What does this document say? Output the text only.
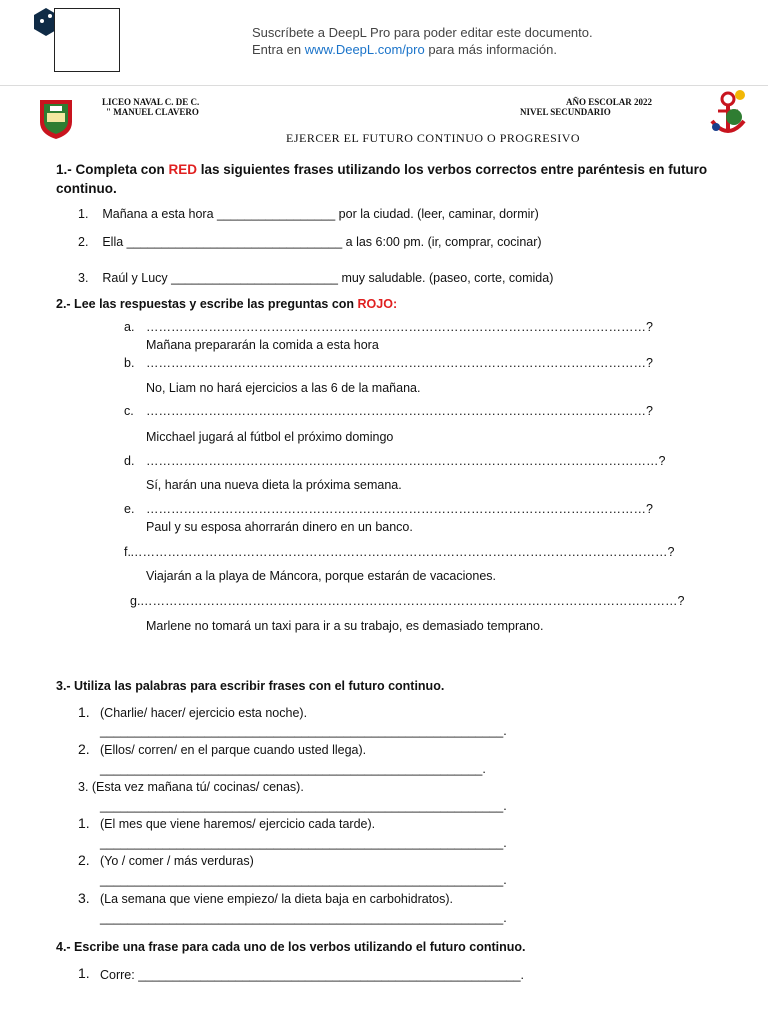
Suscríbete a DeepL Pro para poder editar este documento.
Entra en www.DeepL.com/pro para más información.
LICEO NAVAL C. DE C.
" MANUEL CLAVERO
AÑO ESCOLAR 2022
NIVEL SECUNDARIO
EJERCER EL FUTURO CONTINUO O PROGRESIVO
1.- Completa con RED las siguientes frases utilizando los verbos correctos entre paréntesis en futuro
continuo.
1. Mañana a esta hora _________________ por la ciudad. (leer, caminar, dormir)
2. Ella _______________________________ a las 6:00 pm. (ir, comprar, cocinar)
3. Raúl y Lucy ________________________ muy saludable. (paseo, corte, comida)
2.- Lee las respuestas y escribe las preguntas con ROJO:
a. …………………………………………………………………………………………………………?
Mañana prepararán la comida a esta hora
b. …………………………………………………………………………………………………………?
No, Liam no hará ejercicios a las 6 de la mañana.
c. …………………………………………………………………………………………………………?
Micchael jugará al fútbol el próximo domingo
d. ……………………………………………………………………………………………………………?
Sí, harán una nueva dieta la próxima semana.
e. …………………………………………………………………………………………………………?
Paul y su esposa ahorrarán dinero en un banco.
f. …………………………………………………………………………………………………………………?
Viajarán a la playa de Máncora, porque estarán de vacaciones.
g. …………………………………………………………………………………………………………………?
Marlene no tomará un taxi para ir a su trabajo, es demasiado temprano.
3.- Utiliza las palabras para escribir frases con el futuro continuo.
1. (Charlie/ hacer/ ejercicio esta noche).
__________________________________________________________.
2. (Ellos/ corren/ en el parque cuando usted llega).
_______________________________________________________.
3. (Esta vez mañana tú/ cocinas/ cenas).
__________________________________________________________.
1. (El mes que viene haremos/ ejercicio cada tarde).
__________________________________________________________.
2. (Yo / comer / más verduras)
__________________________________________________________.
3. (La semana que viene empiezo/ la dieta baja en carbohidratos).
__________________________________________________________.
4.- Escribe una frase para cada uno de los verbos utilizando el futuro continuo.
1. Corre: _______________________________________________________.
